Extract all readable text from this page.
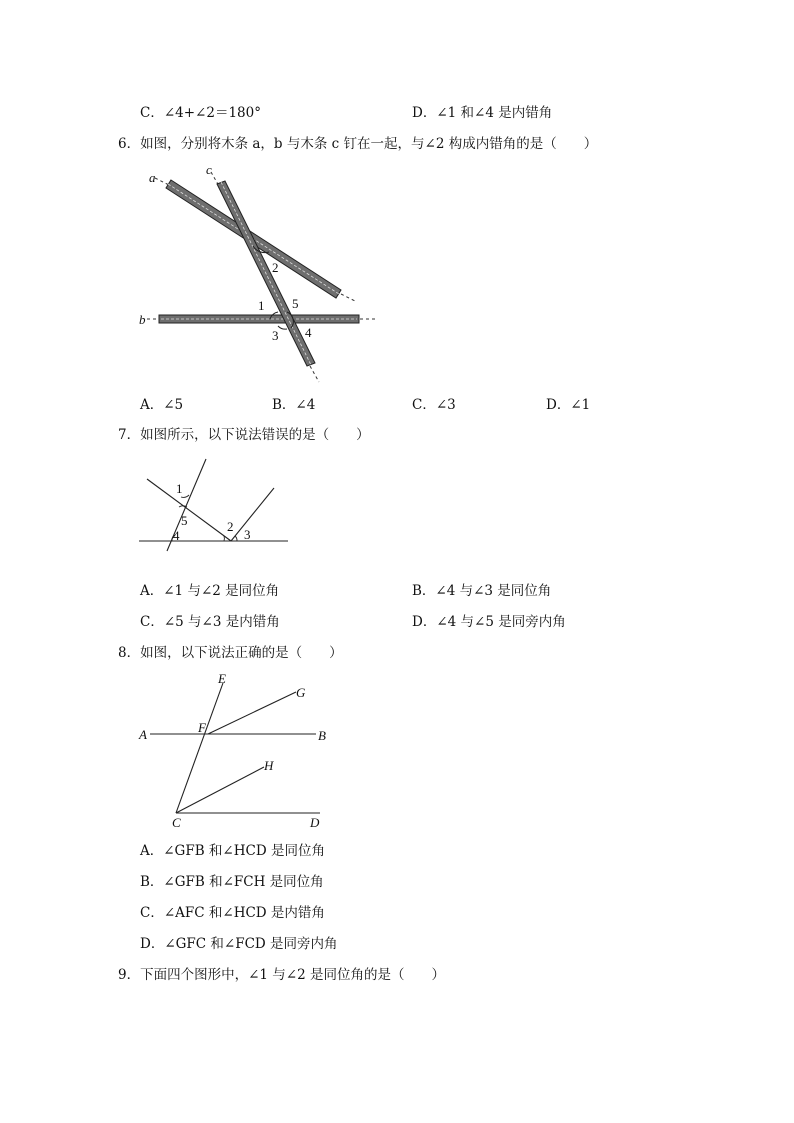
C．∠4+∠2＝180°	D．∠1 和∠4 是内错角
6．如图，分别将木条 a，b 与木条 c 钉在一起，与∠2 构成内错角的是（　　）
a
c
b
2
1 5
3 4
A．∠5	B．∠4	C．∠3	D．∠1
7．如图所示，以下说法错误的是（　　）
1
5
4
2
3
A．∠1 与∠2 是同位角	B．∠4 与∠3 是同位角
C．∠5 与∠3 是内错角	D．∠4 与∠5 是同旁内角
8．如图，以下说法正确的是（　　）
E
G
A	F
B
H
C	D
A．∠GFB 和∠HCD 是同位角
B．∠GFB 和∠FCH 是同位角
C．∠AFC 和∠HCD 是内错角
D．∠GFC 和∠FCD 是同旁内角
9．下面四个图形中，∠1 与∠2 是同位角的是（　　）
